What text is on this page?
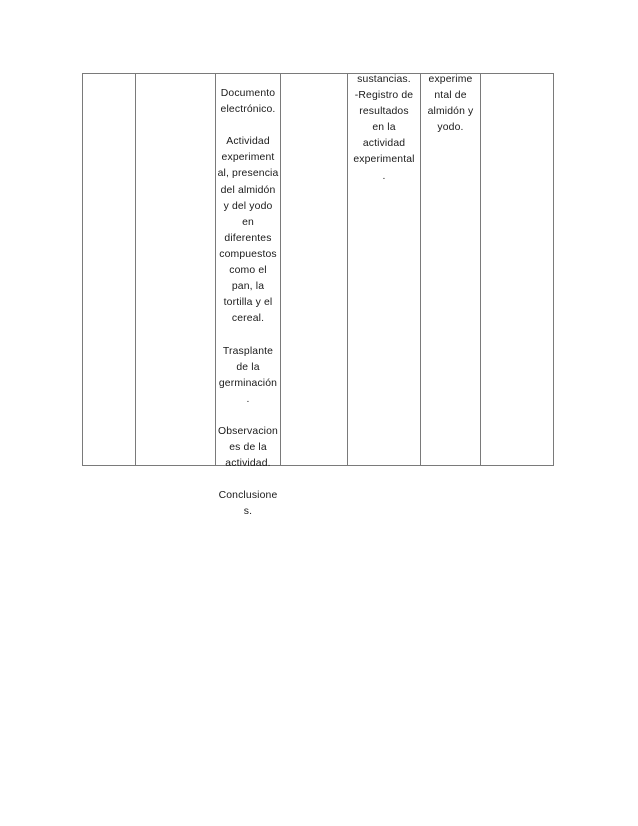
Documento
electrónico.
Actividad
experiment
al, presencia
del almidón
y del yodo
en
diferentes
compuestos
como el
pan, la
tortilla y el
cereal.
Trasplante
de la
germinación
.
Observacion
es de la
actividad.
Conclusione
s.
sustancias.
-Registro de
resultados
en la
actividad
experimental
.
experime
ntal de
almidón y
yodo.
